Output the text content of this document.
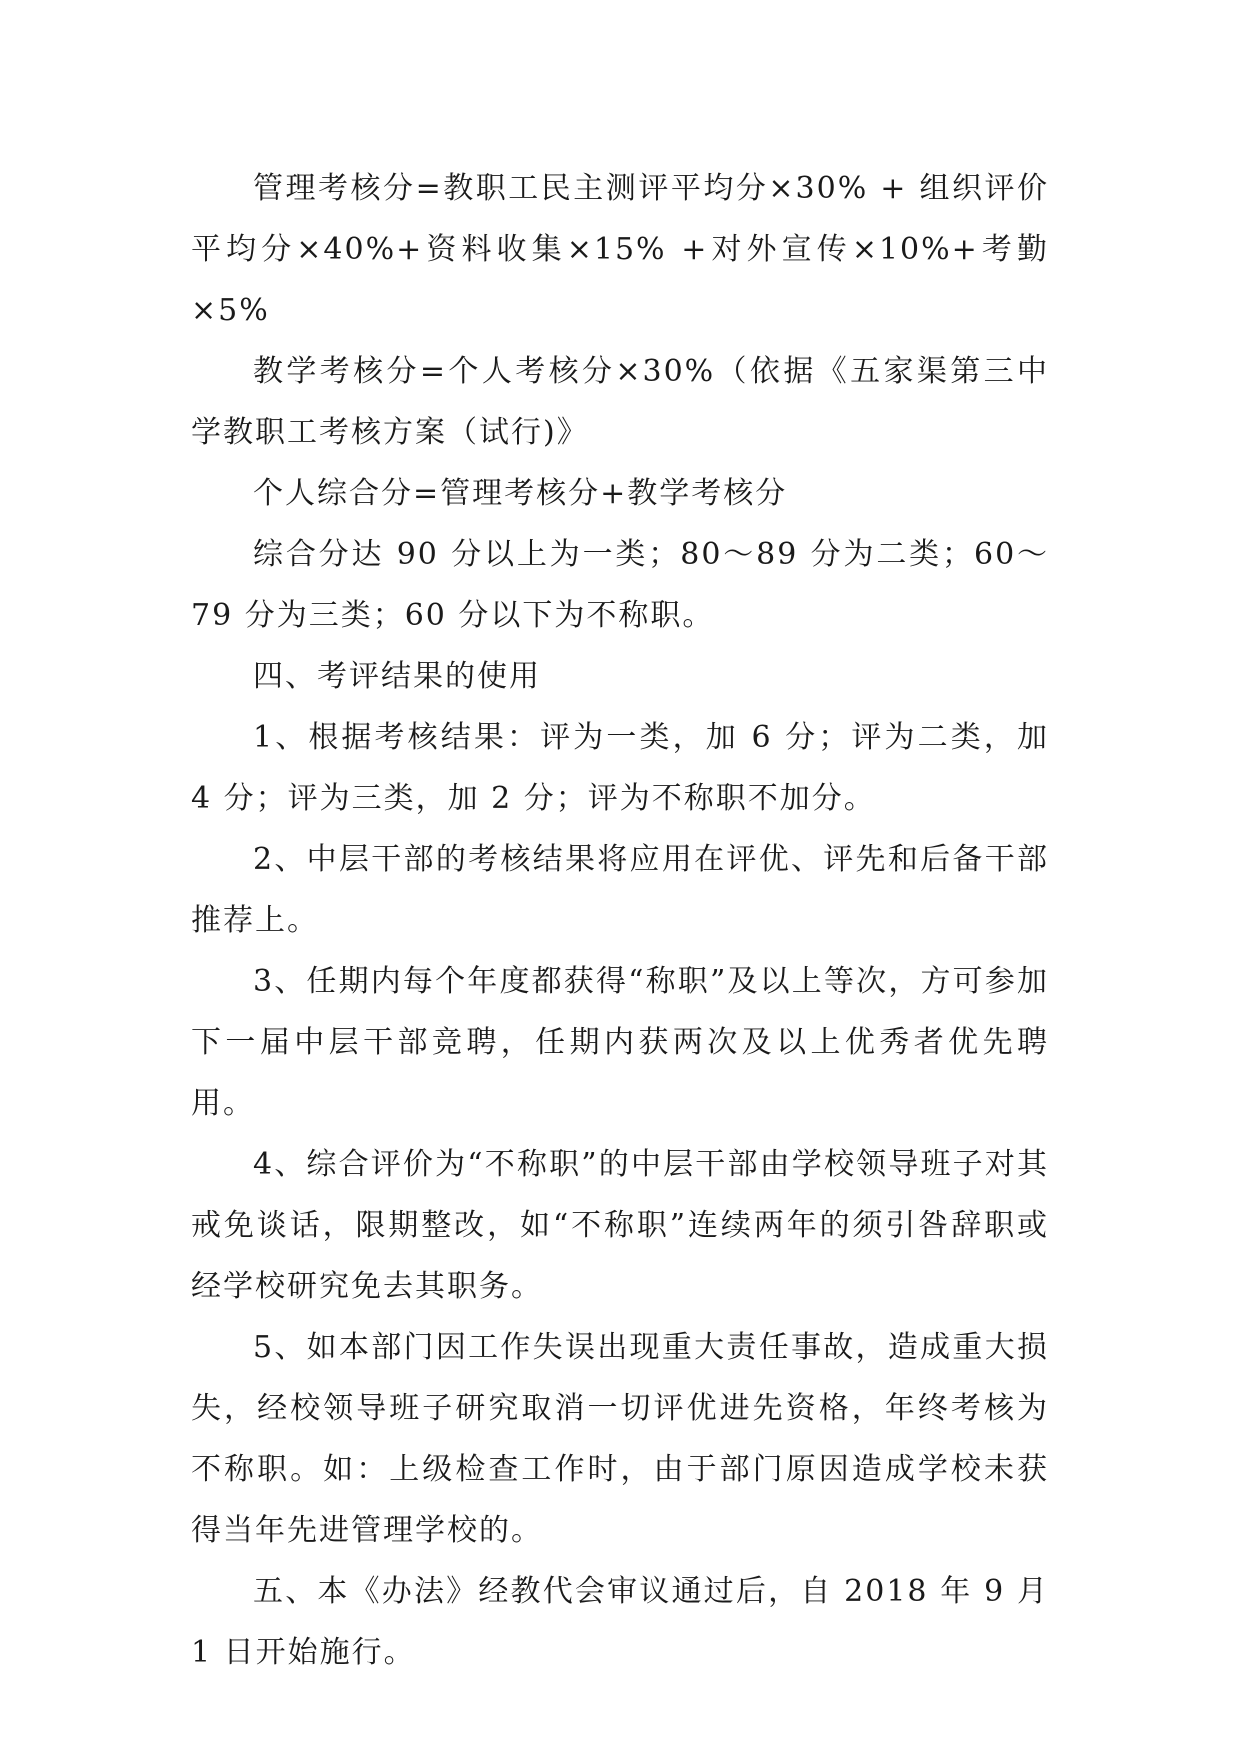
管理考核分=教职工民主测评平均分×30% + 组织评价平均分×40%+资料收集×15% +对外宣传×10%+考勤×5%

教学考核分=个人考核分×30%（依据《五家渠第三中学教职工考核方案（试行)》

个人综合分=管理考核分+教学考核分

综合分达 90 分以上为一类；80～89 分为二类；60～79 分为三类；60 分以下为不称职。

四、考评结果的使用

1、根据考核结果：评为一类，加 6 分；评为二类，加 4 分；评为三类，加 2 分；评为不称职不加分。

2、中层干部的考核结果将应用在评优、评先和后备干部推荐上。

3、任期内每个年度都获得“称职”及以上等次，方可参加下一届中层干部竞聘，任期内获两次及以上优秀者优先聘用。

4、综合评价为“不称职”的中层干部由学校领导班子对其戒免谈话，限期整改，如“不称职”连续两年的须引咎辞职或经学校研究免去其职务。

5、如本部门因工作失误出现重大责任事故，造成重大损失，经校领导班子研究取消一切评优进先资格，年终考核为不称职。如：上级检查工作时，由于部门原因造成学校未获得当年先进管理学校的。

五、本《办法》经教代会审议通过后，自 2018 年 9 月 1 日开始施行。
